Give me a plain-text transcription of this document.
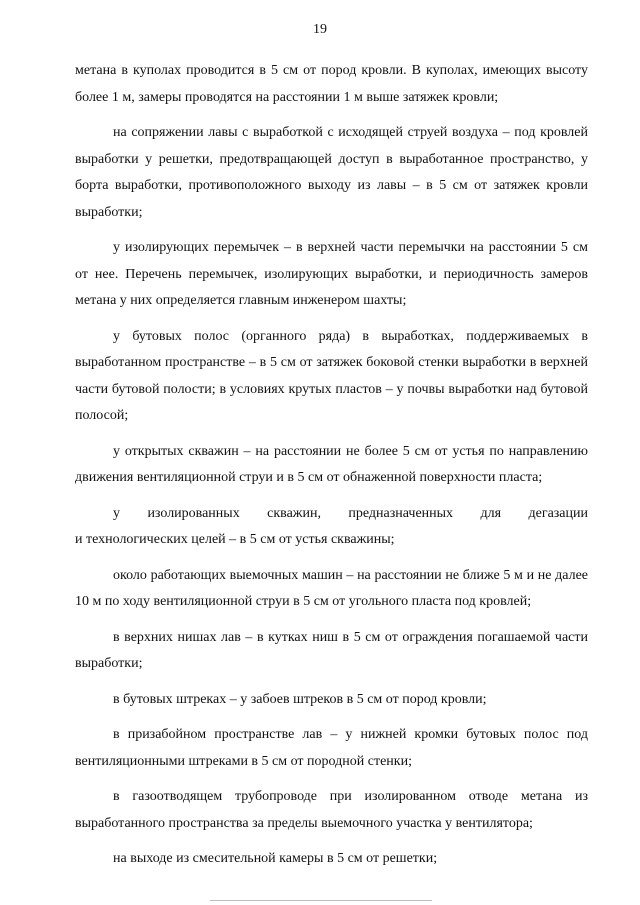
19

метана в куполах проводится в 5 см от пород кровли. В куполах, имеющих высоту более 1 м, замеры проводятся на расстоянии 1 м выше затяжек кровли;

на сопряжении лавы с выработкой с исходящей струей воздуха – под кровлей выработки у решетки, предотвращающей доступ в выработанное пространство, у борта выработки, противоположного выходу из лавы – в 5 см от затяжек кровли выработки;

у изолирующих перемычек – в верхней части перемычки на расстоянии 5 см от нее. Перечень перемычек, изолирующих выработки, и периодичность замеров метана у них определяется главным инженером шахты;

у бутовых полос (органного ряда) в выработках, поддерживаемых в выработанном пространстве – в 5 см от затяжек боковой стенки выработки в верхней части бутовой полости; в условиях крутых пластов – у почвы выработки над бутовой полосой;

у открытых скважин – на расстоянии не более 5 см от устья по направлению движения вентиляционной струи и в 5 см от обнаженной поверхности пласта;

у изолированных скважин, предназначенных для дегазации

и технологических целей – в 5 см от устья скважины;

около работающих выемочных машин – на расстоянии не ближе 5 м и не далее 10 м по ходу вентиляционной струи в 5 см от угольного пласта под кровлей;

в верхних нишах лав – в кутках ниш в 5 см от ограждения погашаемой части выработки;

в бутовых штреках – у забоев штреков в 5 см от пород кровли;

в призабойном пространстве лав – у нижней кромки бутовых полос под вентиляционными штреками в 5 см от породной стенки;

в газоотводящем трубопроводе при изолированном отводе метана из выработанного пространства за пределы выемочного участка у вентилятора;

на выходе из смесительной камеры в 5 см от решетки;
